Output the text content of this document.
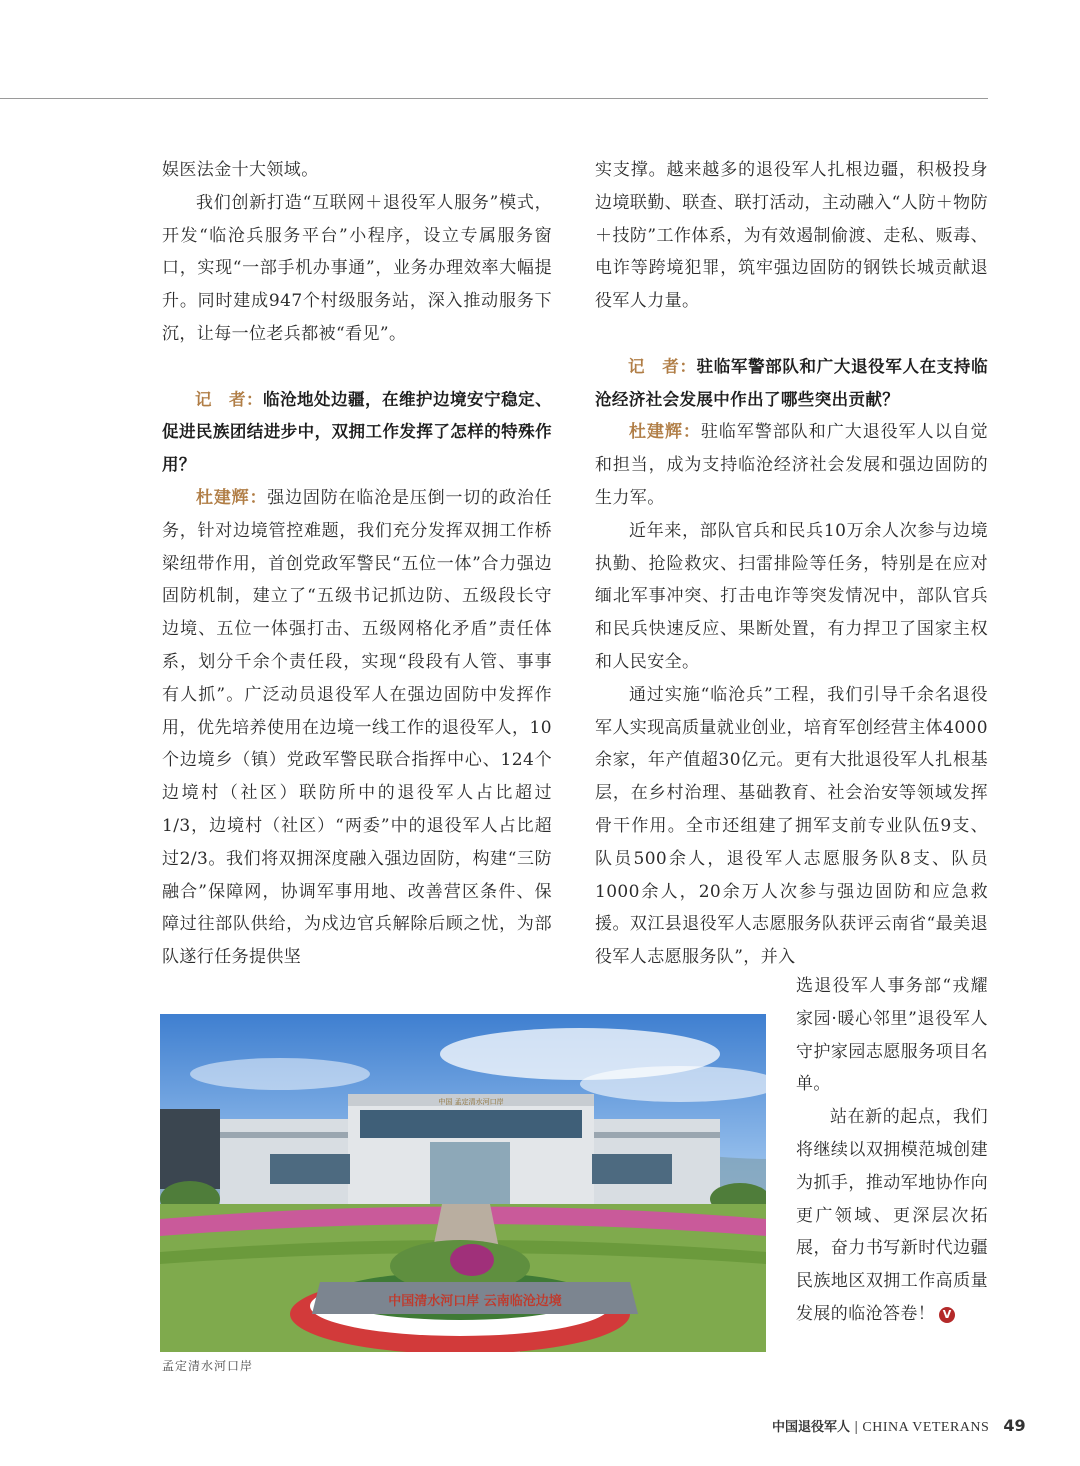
娱医法金十大领域。

我们创新打造“互联网＋退役军人服务”模式，开发“临沧兵服务平台”小程序，设立专属服务窗口，实现“一部手机办事通”，业务办理效率大幅提升。同时建成947个村级服务站，深入推动服务下沉，让每一位老兵都被“看见”。

记　者：临沧地处边疆，在维护边境安宁稳定、促进民族团结进步中，双拥工作发挥了怎样的特殊作用？

杜建辉：强边固防在临沧是压倒一切的政治任务，针对边境管控难题，我们充分发挥双拥工作桥梁纽带作用，首创党政军警民“五位一体”合力强边固防机制，建立了“五级书记抓边防、五级段长守边境、五位一体强打击、五级网格化矛盾”责任体系，划分千余个责任段，实现“段段有人管、事事有人抓”。广泛动员退役军人在强边固防中发挥作用，优先培养使用在边境一线工作的退役军人，10个边境乡（镇）党政军警民联合指挥中心、124个边境村（社区）联防所中的退役军人占比超过1/3，边境村（社区）“两委”中的退役军人占比超过2/3。我们将双拥深度融入强边固防，构建“三防融合”保障网，协调军事用地、改善营区条件、保障过往部队供给，为戍边官兵解除后顾之忧，为部队遂行任务提供坚

实支撑。越来越多的退役军人扎根边疆，积极投身边境联勤、联查、联打活动，主动融入“人防＋物防＋技防”工作体系，为有效遏制偷渡、走私、贩毒、电诈等跨境犯罪，筑牢强边固防的钢铁长城贡献退役军人力量。

记　者：驻临军警部队和广大退役军人在支持临沧经济社会发展中作出了哪些突出贡献？

杜建辉：驻临军警部队和广大退役军人以自觉和担当，成为支持临沧经济社会发展和强边固防的生力军。

近年来，部队官兵和民兵10万余人次参与边境执勤、抢险救灾、扫雷排险等任务，特别是在应对缅北军事冲突、打击电诈等突发情况中，部队官兵和民兵快速反应、果断处置，有力捍卫了国家主权和人民安全。

通过实施“临沧兵”工程，我们引导千余名退役军人实现高质量就业创业，培育军创经营主体4000余家，年产值超30亿元。更有大批退役军人扎根基层，在乡村治理、基础教育、社会治安等领域发挥骨干作用。全市还组建了拥军支前专业队伍9支、队员500余人，退役军人志愿服务队8支、队员1000余人，20余万人次参与强边固防和应急救援。双江县退役军人志愿服务队获评云南省“最美退役军人志愿服务队”，并入

选退役军人事务部“戎耀家园·暖心邻里”退役军人守护家园志愿服务项目名单。

站在新的起点，我们将继续以双拥模范城创建为抓手，推动军地协作向更广领域、更深层次拓展，奋力书写新时代边疆民族地区双拥工作高质量发展的临沧答卷！ V

中国 孟定清水河口岸
中国清水河口岸 云南临沧边境
孟定清水河口岸
中国退役军人 | CHINA VETERANS 49
